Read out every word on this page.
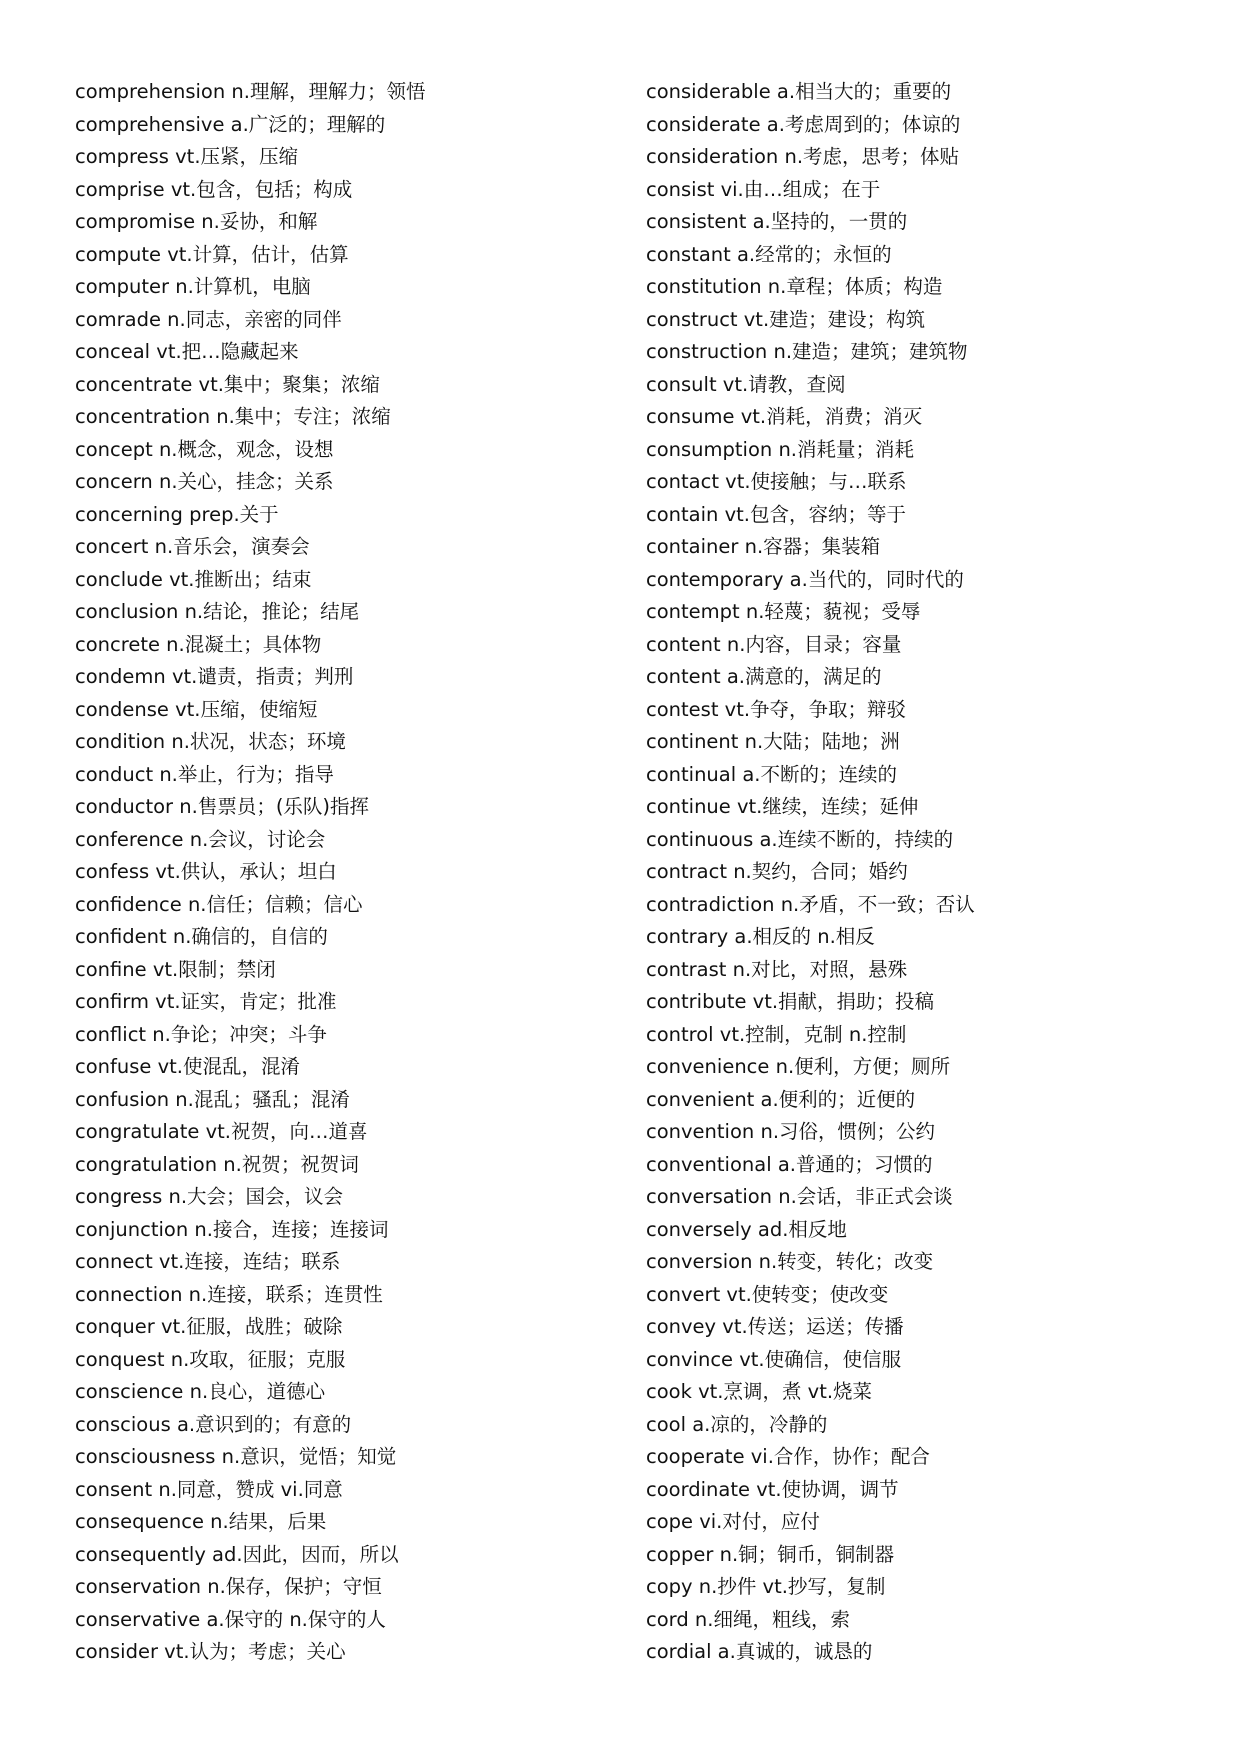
comprehension n.理解，理解力；领悟
comprehensive a.广泛的；理解的
compress vt.压紧，压缩
comprise vt.包含，包括；构成
compromise n.妥协，和解
compute vt.计算，估计，估算
computer n.计算机，电脑
comrade n.同志，亲密的同伴
conceal vt.把…隐藏起来
concentrate vt.集中；聚集；浓缩
concentration n.集中；专注；浓缩
concept n.概念，观念，设想
concern n.关心，挂念；关系
concerning prep.关于
concert n.音乐会，演奏会
conclude vt.推断出；结束
conclusion n.结论，推论；结尾
concrete n.混凝土；具体物
condemn vt.谴责，指责；判刑
condense vt.压缩，使缩短
condition n.状况，状态；环境
conduct n.举止，行为；指导
conductor n.售票员；(乐队)指挥
conference n.会议，讨论会
confess vt.供认，承认；坦白
confidence n.信任；信赖；信心
confident n.确信的，自信的
confine vt.限制；禁闭
confirm vt.证实，肯定；批准
conflict n.争论；冲突；斗争
confuse vt.使混乱，混淆
confusion n.混乱；骚乱；混淆
congratulate vt.祝贺，向…道喜
congratulation n.祝贺；祝贺词
congress n.大会；国会，议会
conjunction n.接合，连接；连接词
connect vt.连接，连结；联系
connection n.连接，联系；连贯性
conquer vt.征服，战胜；破除
conquest n.攻取，征服；克服
conscience n.良心，道德心
conscious a.意识到的；有意的
consciousness n.意识，觉悟；知觉
consent n.同意，赞成 vi.同意
consequence n.结果，后果
consequently ad.因此，因而，所以
conservation n.保存，保护；守恒
conservative a.保守的 n.保守的人
consider vt.认为；考虑；关心
considerable a.相当大的；重要的
considerate a.考虑周到的；体谅的
consideration n.考虑，思考；体贴
consist vi.由…组成；在于
consistent a.坚持的，一贯的
constant a.经常的；永恒的
constitution n.章程；体质；构造
construct vt.建造；建设；构筑
construction n.建造；建筑；建筑物
consult vt.请教，查阅
consume vt.消耗，消费；消灭
consumption n.消耗量；消耗
contact vt.使接触；与…联系
contain vt.包含，容纳；等于
container n.容器；集装箱
contemporary a.当代的，同时代的
contempt n.轻蔑；藐视；受辱
content n.内容，目录；容量
content a.满意的，满足的
contest vt.争夺，争取；辩驳
continent n.大陆；陆地；洲
continual a.不断的；连续的
continue vt.继续，连续；延伸
continuous a.连续不断的，持续的
contract n.契约，合同；婚约
contradiction n.矛盾，不一致；否认
contrary a.相反的 n.相反
contrast n.对比，对照，悬殊
contribute vt.捐献，捐助；投稿
control vt.控制，克制 n.控制
convenience n.便利，方便；厕所
convenient a.便利的；近便的
convention n.习俗，惯例；公约
conventional a.普通的；习惯的
conversation n.会话，非正式会谈
conversely ad.相反地
conversion n.转变，转化；改变
convert vt.使转变；使改变
convey vt.传送；运送；传播
convince vt.使确信，使信服
cook vt.烹调，煮 vt.烧菜
cool a.凉的，冷静的
cooperate vi.合作，协作；配合
coordinate vt.使协调，调节
cope vi.对付，应付
copper n.铜；铜币，铜制器
copy n.抄件 vt.抄写，复制
cord n.细绳，粗线，索
cordial a.真诚的，诚恳的
